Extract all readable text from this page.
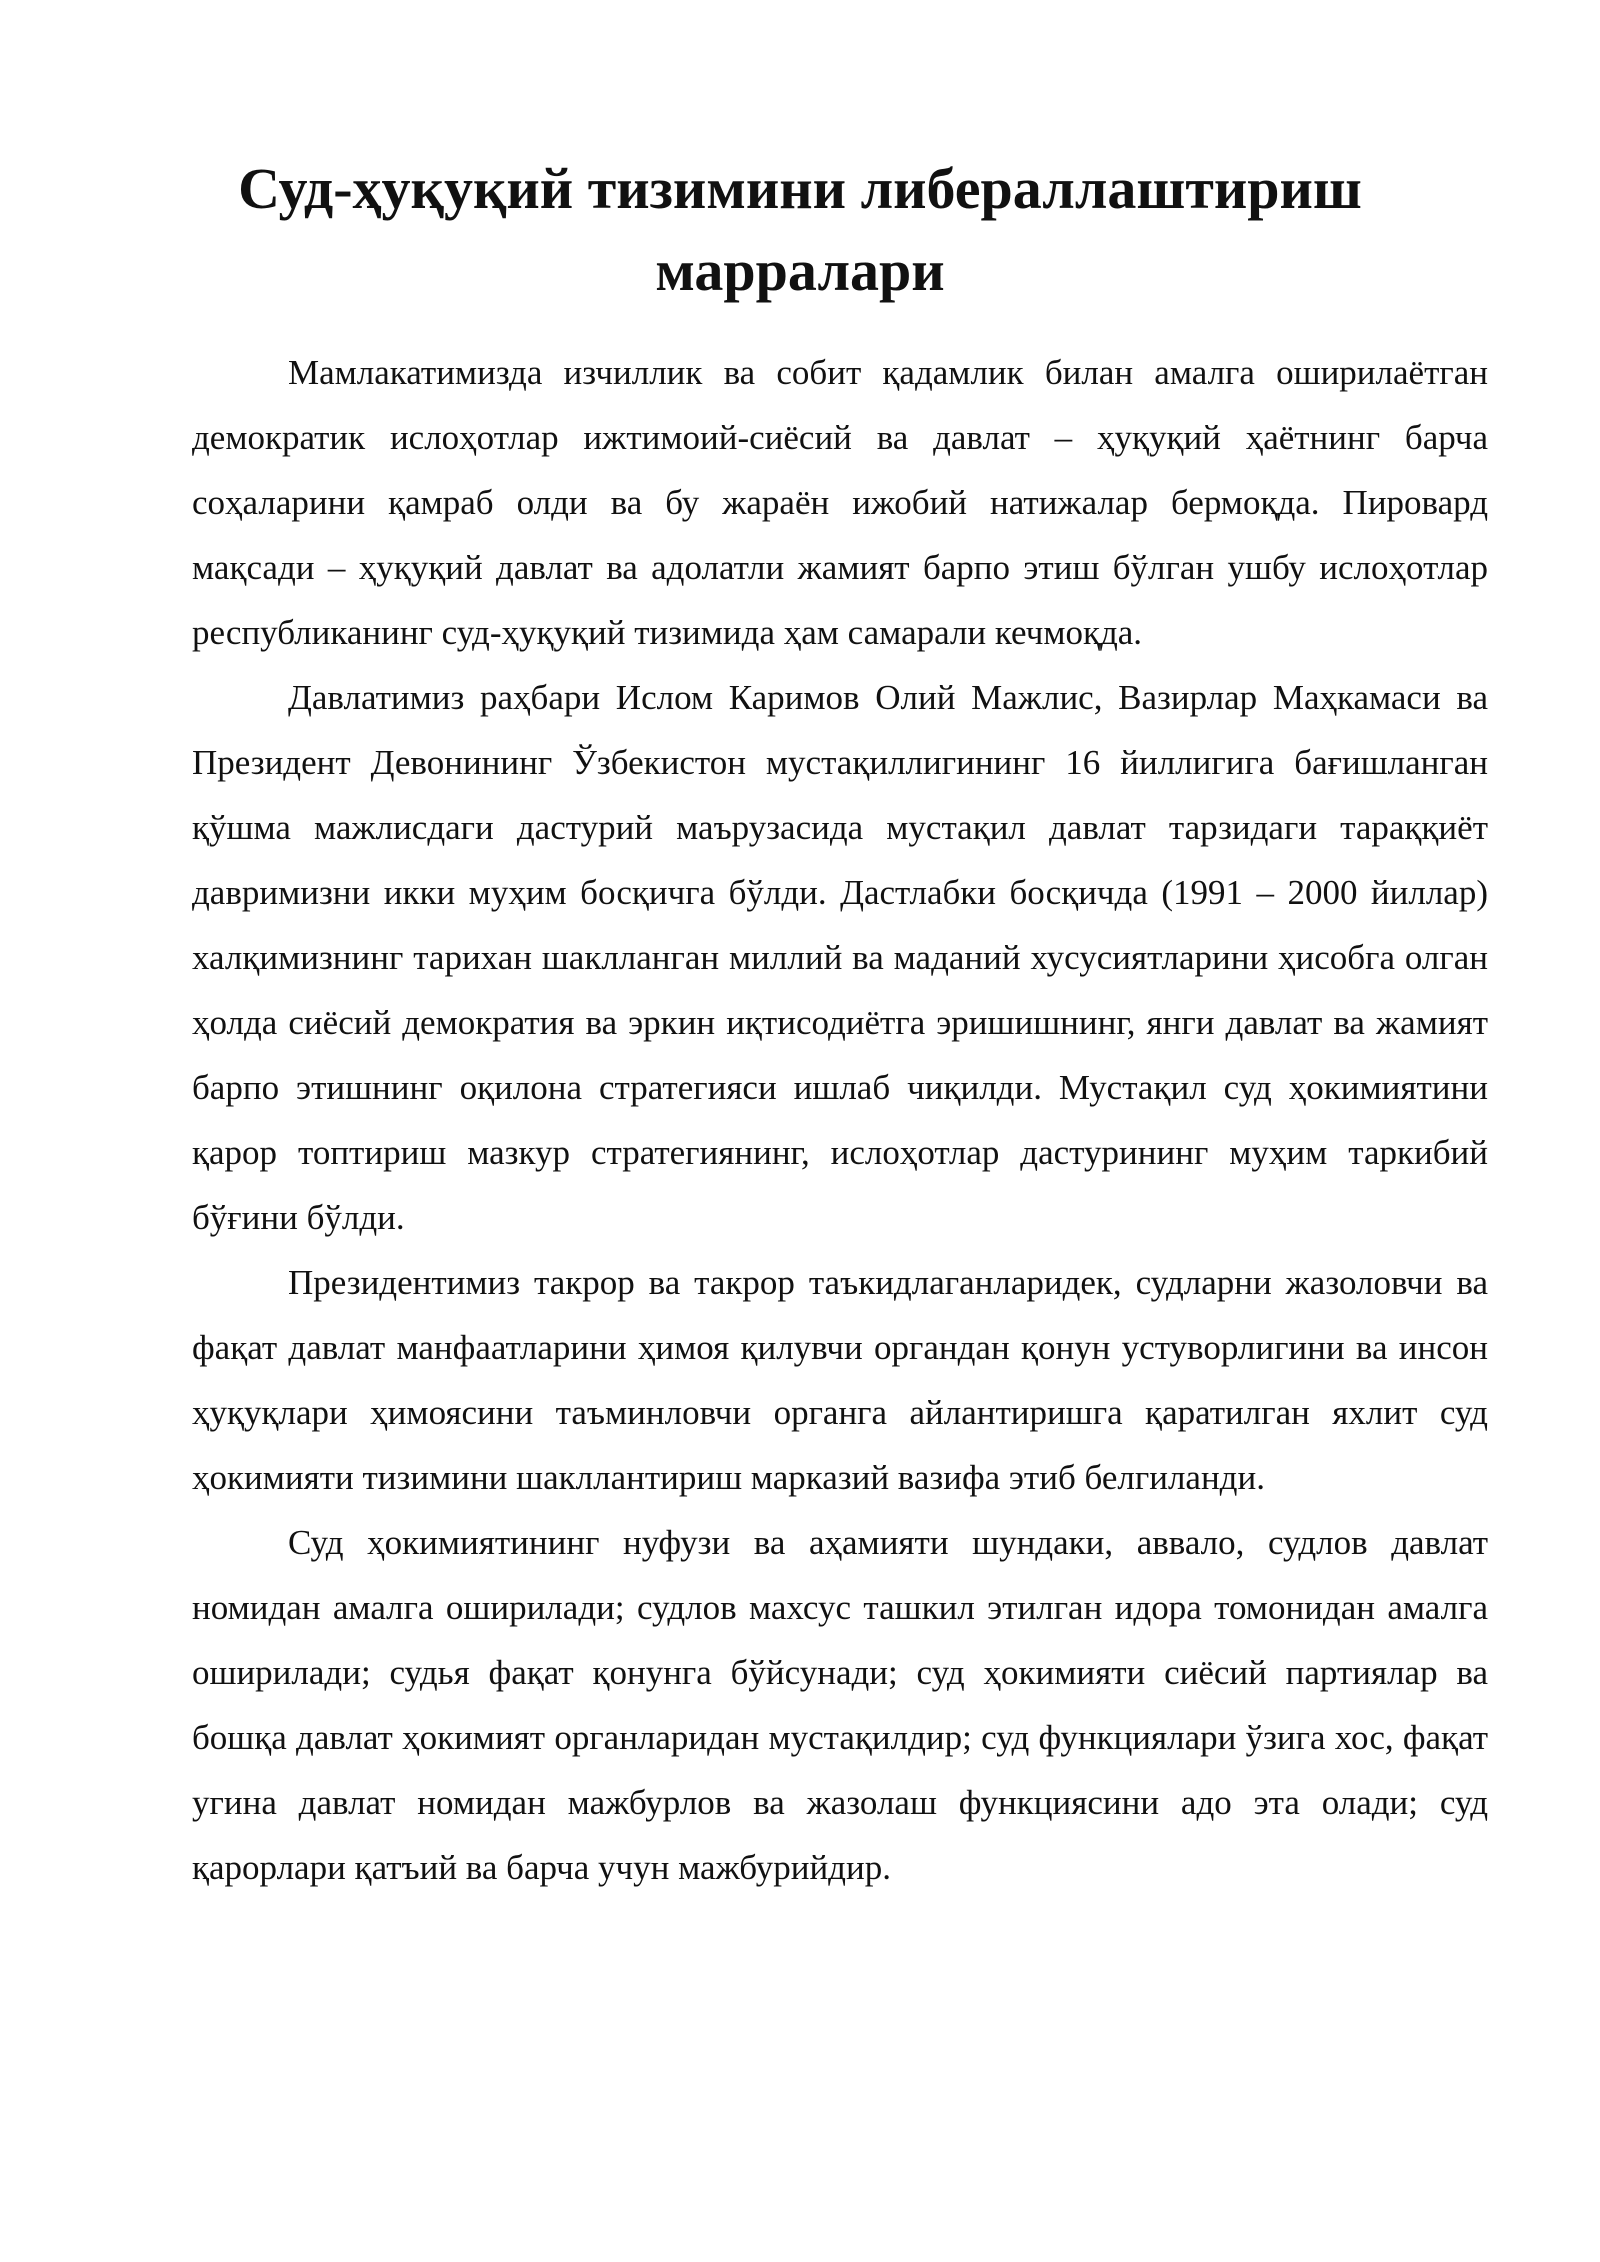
Суд-ҳуқуқий тизимини либераллаштириш
марралари

Мамлакатимизда изчиллик ва собит қадамлик билан амалга оширилаётган демократик ислоҳотлар ижтимоий-сиёсий ва давлат – ҳуқуқий ҳаётнинг барча соҳаларини қамраб олди ва бу жараён ижобий натижалар бермоқда. Пировард мақсади – ҳуқуқий давлат ва адолатли жамият барпо этиш бўлган ушбу ислоҳотлар республиканинг суд-ҳуқуқий тизимида ҳам самарали кечмоқда.

Давлатимиз раҳбари Ислом Каримов Олий Мажлис, Вазирлар Маҳкамаси ва Президент Девонининг Ўзбекистон мустақиллигининг 16 йиллигига бағишланган қўшма мажлисдаги дастурий маърузасида мустақил давлат тарзидаги тараққиёт давримизни икки муҳим босқичга бўлди. Дастлабки босқичда (1991 – 2000 йиллар) халқимизнинг тарихан шаклланган миллий ва маданий хусусиятларини ҳисобга олган ҳолда сиёсий демократия ва эркин иқтисодиётга эришишнинг, янги давлат ва жамият барпо этишнинг оқилона стратегияси ишлаб чиқилди. Мустақил суд ҳокимиятини қарор топтириш мазкур стратегиянинг, ислоҳотлар дастурининг муҳим таркибий бўғини бўлди.

Президентимиз такрор ва такрор таъкидлаганларидек, судларни жазоловчи ва фақат давлат манфаатларини ҳимоя қилувчи органдан қонун устуворлигини ва инсон ҳуқуқлари ҳимоясини таъминловчи органга айлантиришга қаратилган яхлит суд ҳокимияти тизимини шакллантириш марказий вазифа этиб белгиланди.

Суд ҳокимиятининг нуфузи ва аҳамияти шундаки, аввало, судлов давлат номидан амалга оширилади; судлов махсус ташкил этилган идора томонидан амалга оширилади; судья фақат қонунга бўйсунади; суд ҳокимияти сиёсий партиялар ва бошқа давлат ҳокимият органларидан мустақилдир; суд функциялари ўзига хос, фақат угина давлат номидан мажбурлов ва жазолаш функциясини адо эта олади; суд қарорлари қатъий ва барча учун мажбурийдир.
